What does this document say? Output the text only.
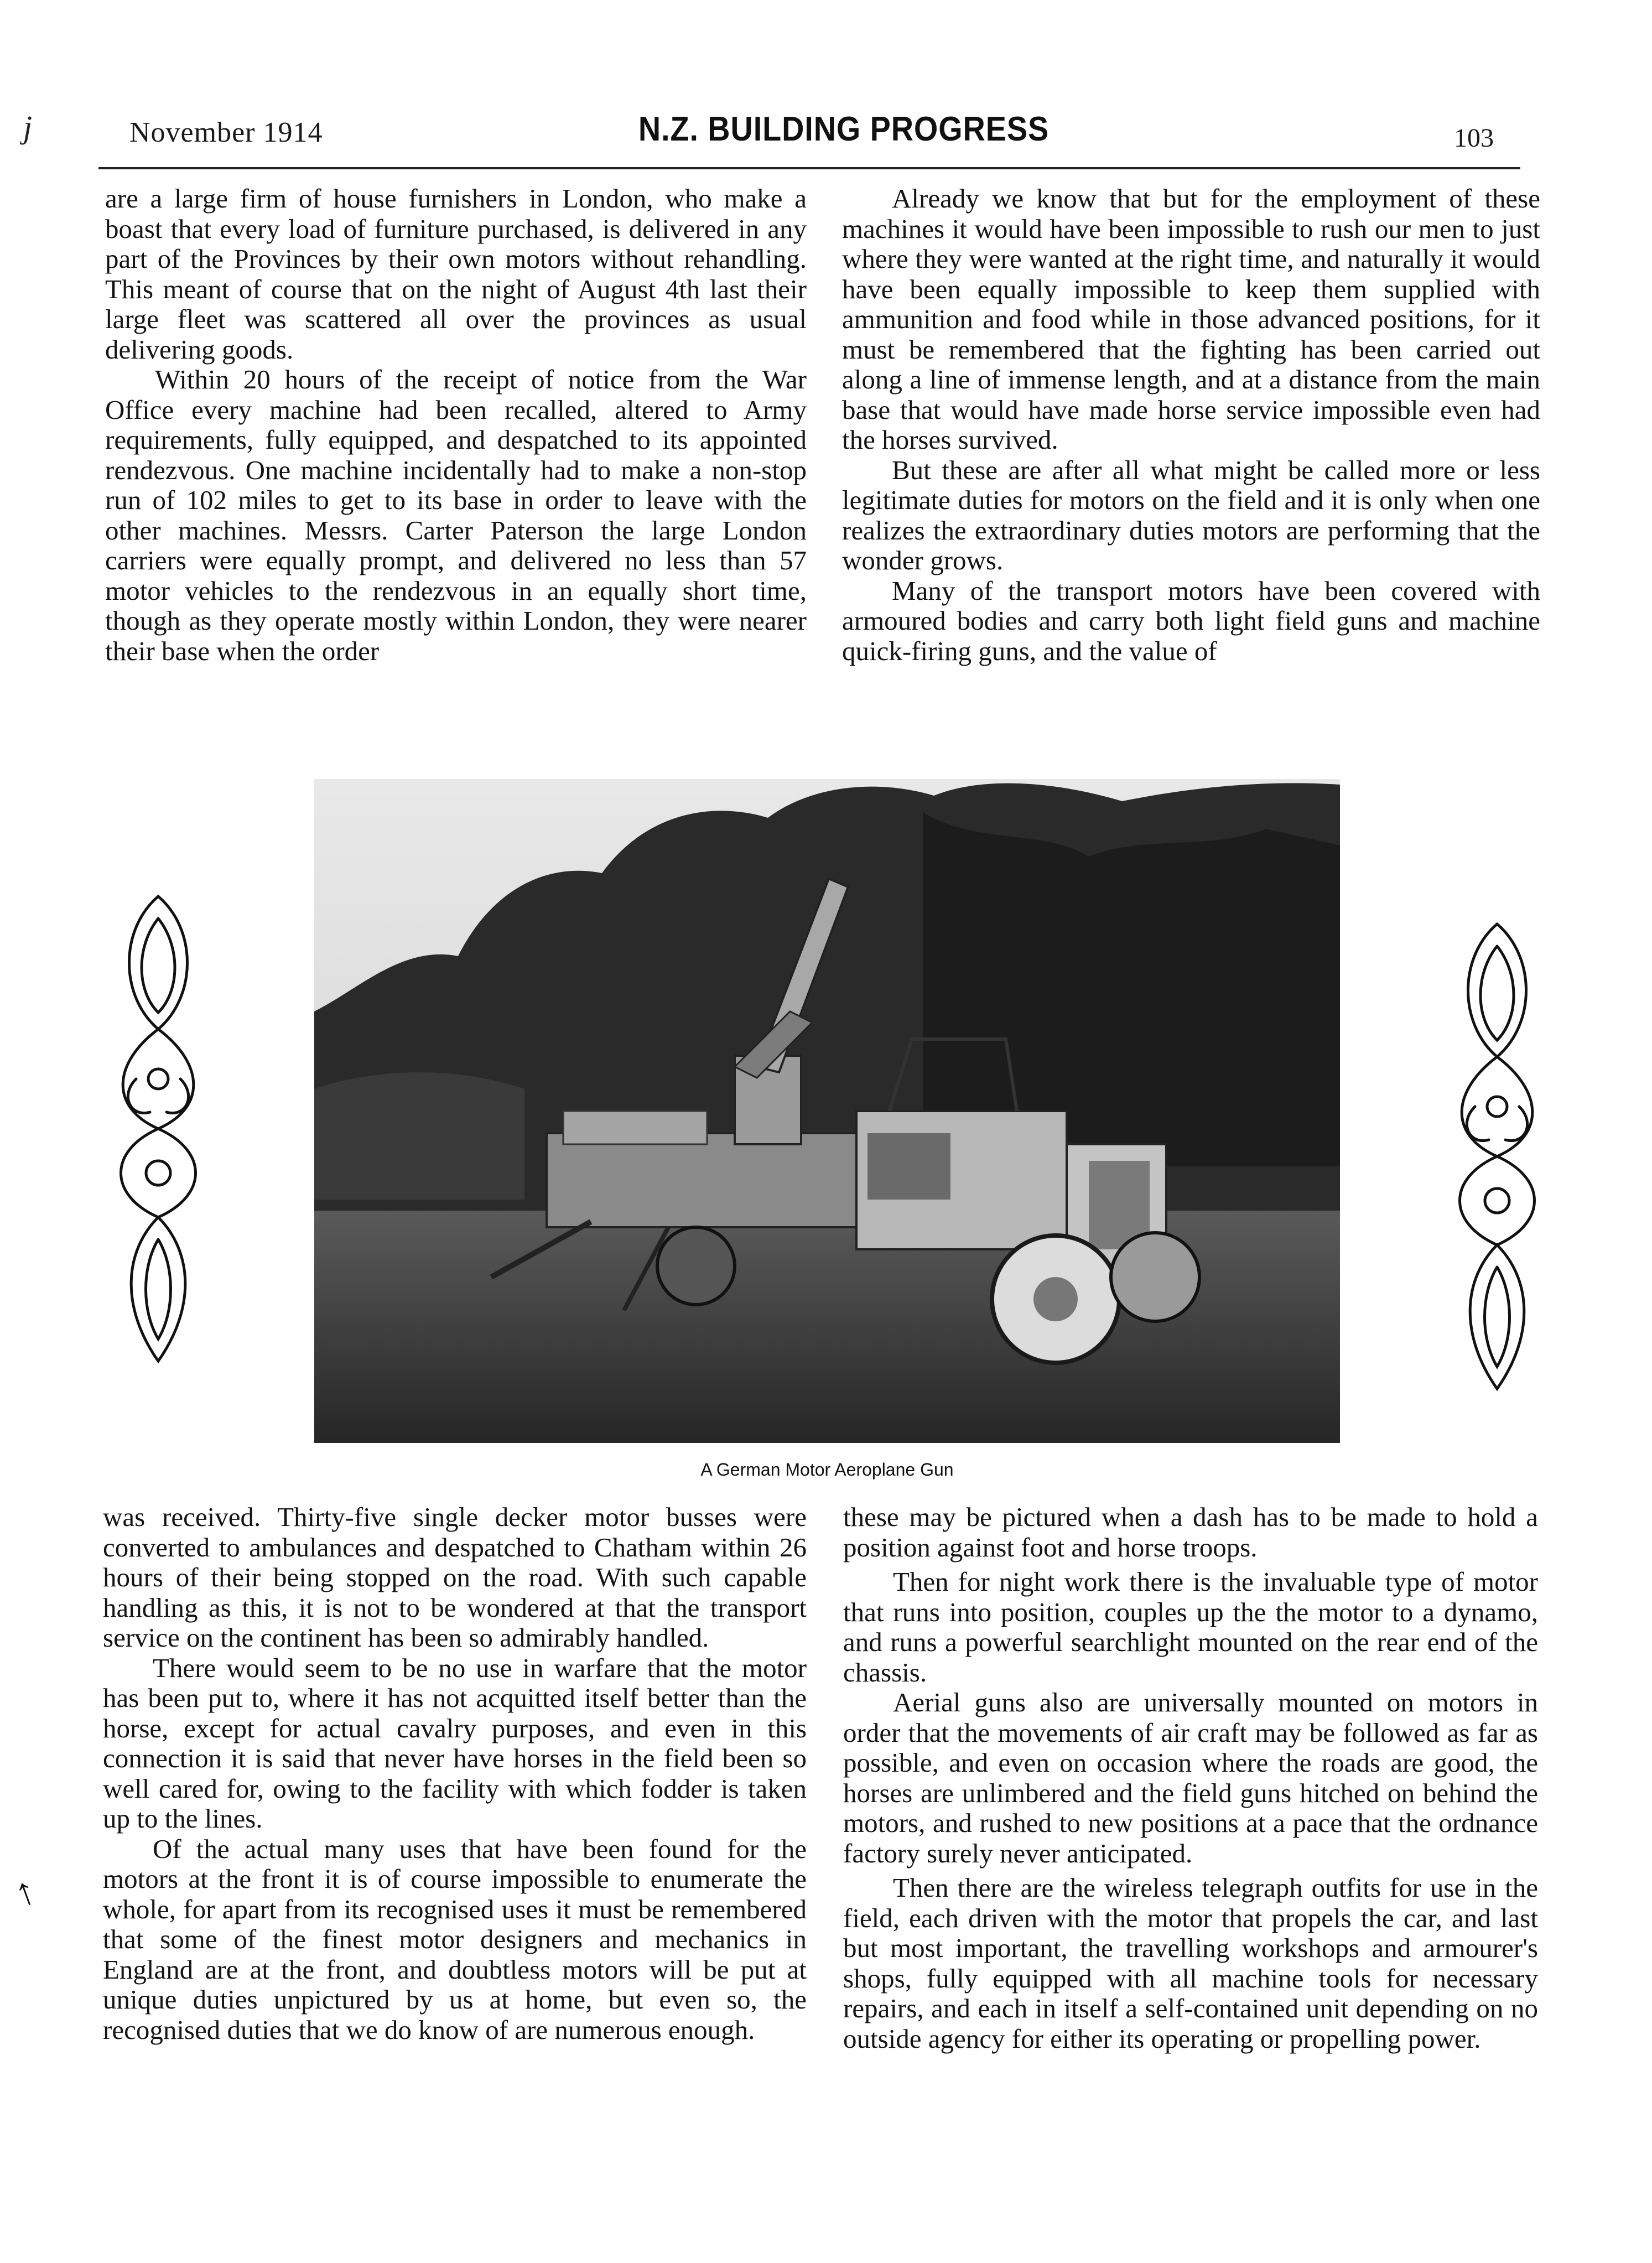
j	November 1914	N.Z. BUILDING PROGRESS	103

are a large firm of house furnishers in London, who make a boast that every load of furniture purchased, is delivered in any part of the Provinces by their own motors without rehandling. This meant of course that on the night of August 4th last their large fleet was scattered all over the provinces as usual delivering goods.

Within 20 hours of the receipt of notice from the War Office every machine had been recalled, altered to Army requirements, fully equipped, and despatched to its appointed rendezvous. One machine incidentally had to make a non-stop run of 102 miles to get to its base in order to leave with the other machines. Messrs. Carter Paterson the large London carriers were equally prompt, and delivered no less than 57 motor vehicles to the rendezvous in an equally short time, though as they operate mostly within London, they were nearer their base when the order

Already we know that but for the employment of these machines it would have been impossible to rush our men to just where they were wanted at the right time, and naturally it would have been equally impossible to keep them supplied with ammunition and food while in those advanced positions, for it must be remembered that the fighting has been carried out along a line of immense length, and at a distance from the main base that would have made horse service impossible even had the horses survived.

But these are after all what might be called more or less legitimate duties for motors on the field and it is only when one realizes the extraordinary duties motors are performing that the wonder grows.

Many of the transport motors have been covered with armoured bodies and carry both light field guns and machine quick-firing guns, and the value of

A German Motor Aeroplane Gun

was received. Thirty-five single decker motor busses were converted to ambulances and despatched to Chatham within 26 hours of their being stopped on the road. With such capable handling as this, it is not to be wondered at that the transport service on the continent has been so admirably handled.

There would seem to be no use in warfare that the motor has been put to, where it has not acquitted itself better than the horse, except for actual cavalry purposes, and even in this connection it is said that never have horses in the field been so well cared for, owing to the facility with which fodder is taken up to the lines.

Of the actual many uses that have been found for the motors at the front it is of course impossible to enumerate the whole, for apart from its recognised uses it must be remembered that some of the finest motor designers and mechanics in England are at the front, and doubtless motors will be put at unique duties unpictured by us at home, but even so, the recognised duties that we do know of are numerous enough.

these may be pictured when a dash has to be made to hold a position against foot and horse troops.

Then for night work there is the invaluable type of motor that runs into position, couples up the the motor to a dynamo, and runs a powerful searchlight mounted on the rear end of the chassis.

Aerial guns also are universally mounted on motors in order that the movements of air craft may be followed as far as possible, and even on occasion where the roads are good, the horses are unlimbered and the field guns hitched on behind the motors, and rushed to new positions at a pace that the ordnance factory surely never anticipated.

Then there are the wireless telegraph outfits for use in the field, each driven with the motor that propels the car, and last but most important, the travelling workshops and armourer's shops, fully equipped with all machine tools for necessary repairs, and each in itself a self-contained unit depending on no outside agency for either its operating or propelling power.

↑
